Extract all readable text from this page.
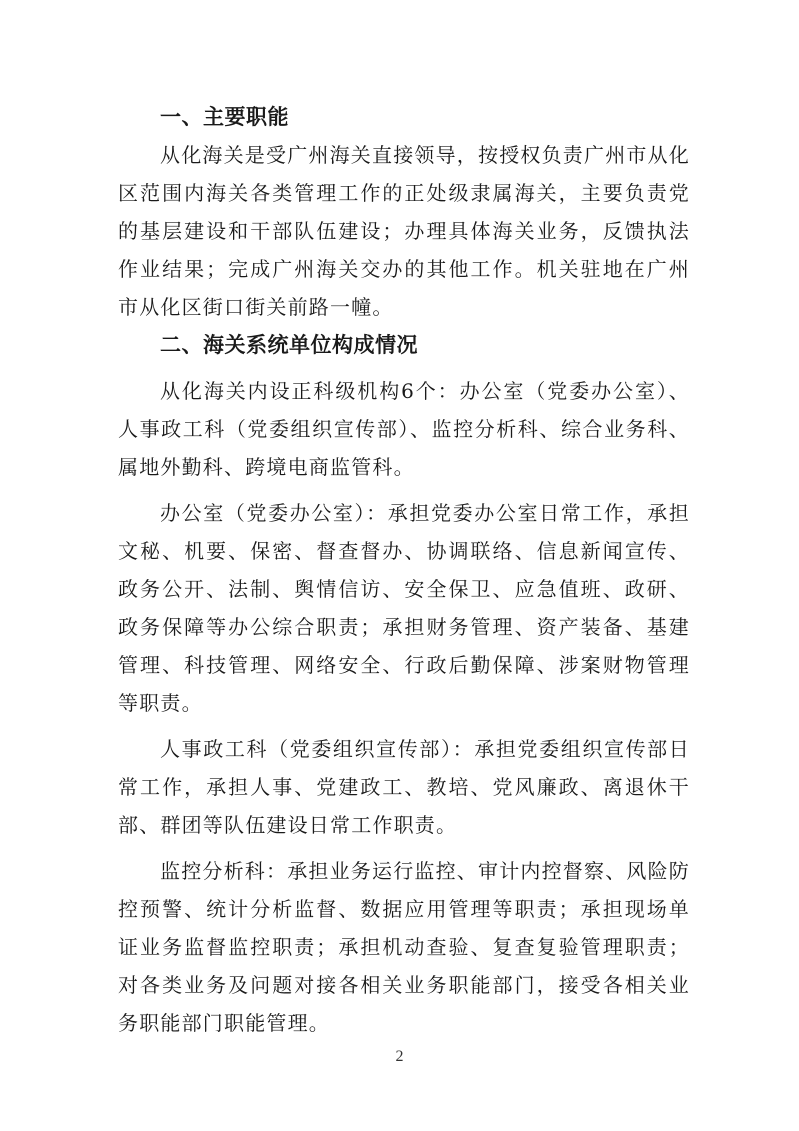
一、主要职能

从化海关是受广州海关直接领导，按授权负责广州市从化区范围内海关各类管理工作的正处级隶属海关，主要负责党的基层建设和干部队伍建设；办理具体海关业务，反馈执法作业结果；完成广州海关交办的其他工作。机关驻地在广州市从化区街口街关前路一幢。

二、海关系统单位构成情况

从化海关内设正科级机构6个：办公室（党委办公室）、人事政工科（党委组织宣传部）、监控分析科、综合业务科、属地外勤科、跨境电商监管科。

办公室（党委办公室）：承担党委办公室日常工作，承担文秘、机要、保密、督查督办、协调联络、信息新闻宣传、政务公开、法制、舆情信访、安全保卫、应急值班、政研、政务保障等办公综合职责；承担财务管理、资产装备、基建管理、科技管理、网络安全、行政后勤保障、涉案财物管理等职责。

人事政工科（党委组织宣传部）：承担党委组织宣传部日常工作，承担人事、党建政工、教培、党风廉政、离退休干部、群团等队伍建设日常工作职责。

监控分析科：承担业务运行监控、审计内控督察、风险防控预警、统计分析监督、数据应用管理等职责；承担现场单证业务监督监控职责；承担机动查验、复查复验管理职责；对各类业务及问题对接各相关业务职能部门，接受各相关业务职能部门职能管理。

2
